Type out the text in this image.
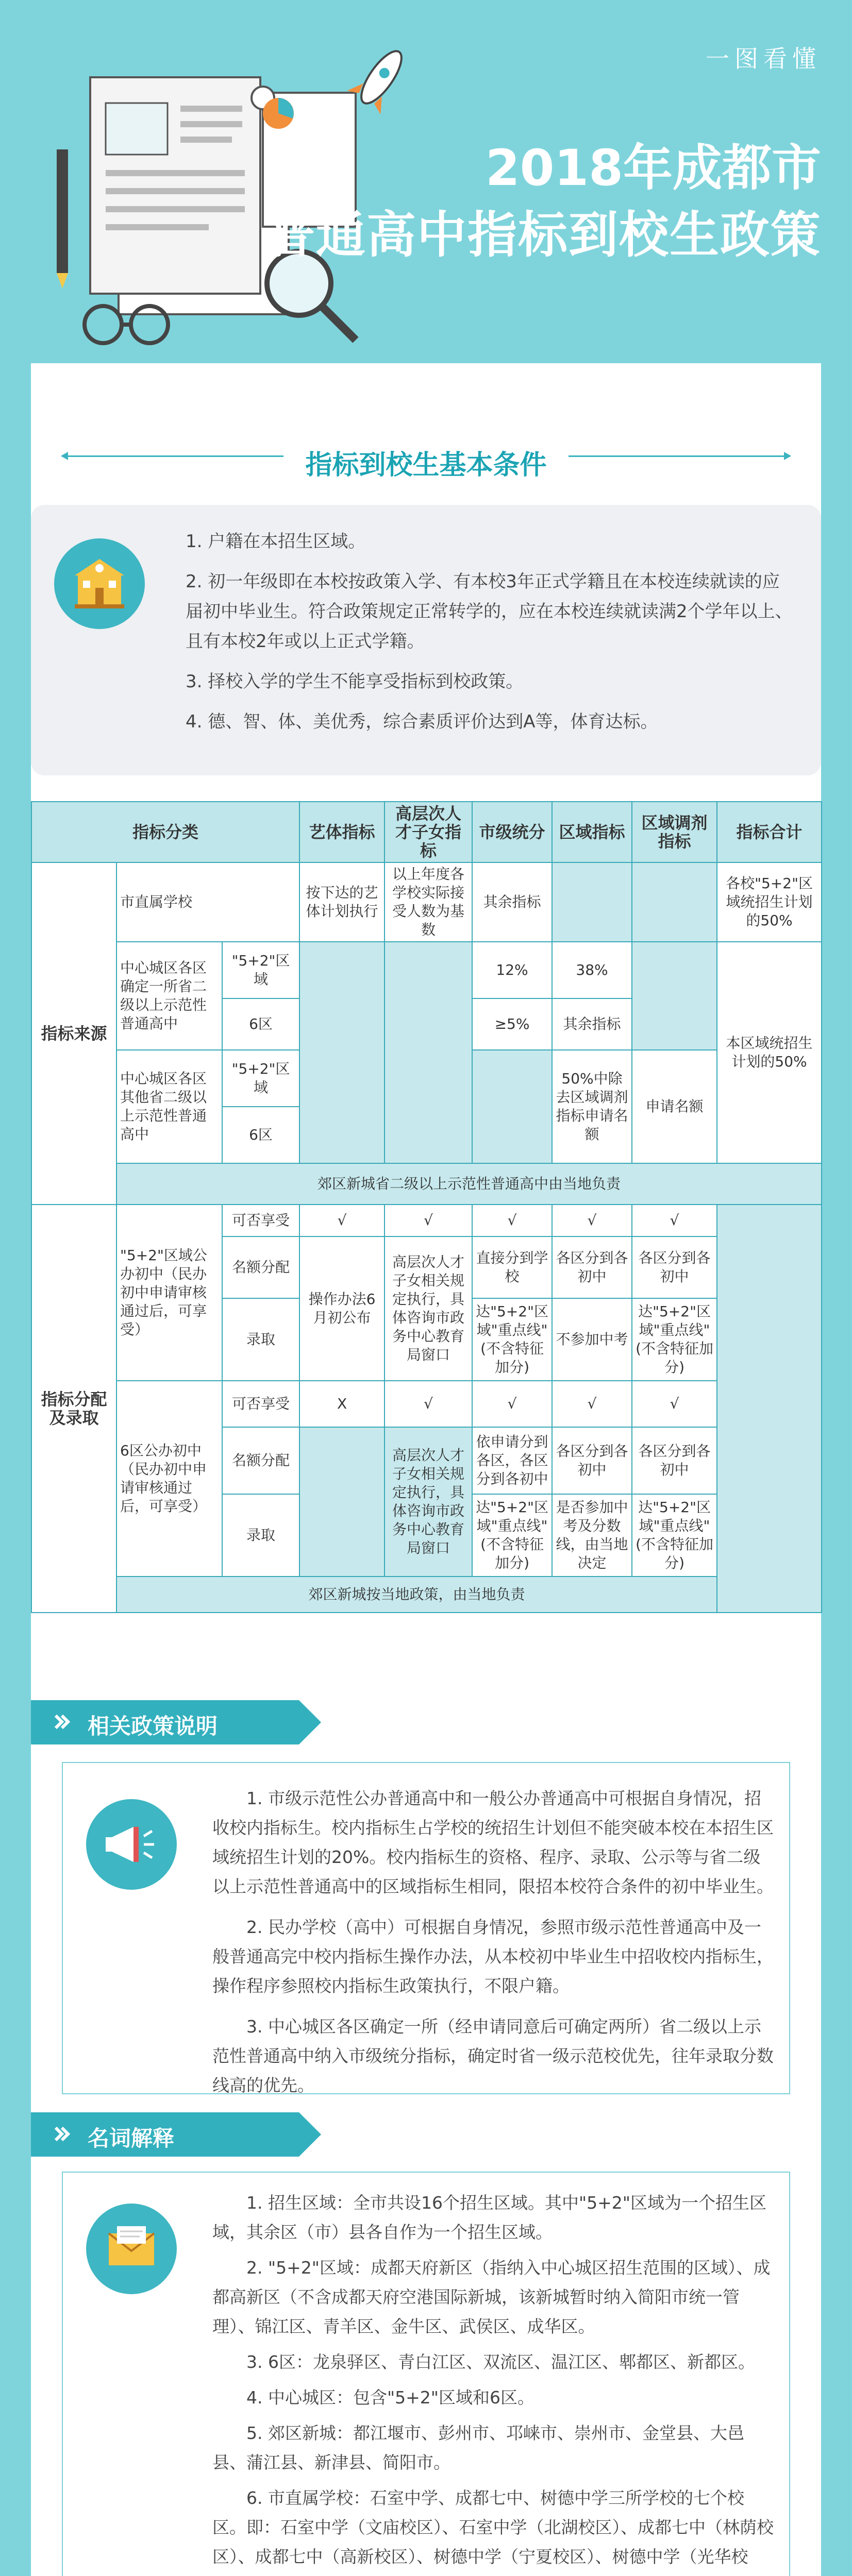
一图看懂
2018年成都市
普通高中指标到校生政策
指标到校生基本条件

1. 户籍在本招生区域。

2. 初一年级即在本校按政策入学、有本校3年正式学籍且在本校连续就读的应届初中毕业生。符合政策规定正常转学的，应在本校连续就读满2个学年以上、且有本校2年或以上正式学籍。

3. 择校入学的学生不能享受指标到校政策。

4. 德、智、体、美优秀，综合素质评价达到A等，体育达标。

指标分类			艺体指标	高层次人才子女指标	市级统分	区域指标	区域调剂指标	指标合计
指标来源	市直属学校		按下达的艺体计划执行	以上年度各学校实际接受人数为基数	其余指标			各校"5+2"区域统招生计划的50%
	中心城区各区确定一所省二级以上示范性普通高中	"5+2"区域			12%	38%		本区域统招生计划的50%
		6区			≥5%	其余指标		
	中心城区各区其他省二级以上示范性普通高中	"5+2"区域				50%中除去区域调剂指标申请名额	申请名额	
		6区						
	郊区新城省二级以上示范性普通高中由当地负责							
指标分配及录取	"5+2"区域公办初中（民办初中申请审核通过后，可享受）	可否享受	√	√	√	√	√	
		名额分配	操作办法6月初公布	高层次人才子女相关规定执行，具体咨询市政务中心教育局窗口	直接分到学校	各区分到各初中	各区分到各初中	
		录取			达"5+2"区域"重点线"(不含特征加分)	不参加中考	达"5+2"区域"重点线"(不含特征加分)	
	6区公办初中（民办初中申请审核通过后，可享受）	可否享受	X	√	√	√	√	
		名额分配		高层次人才子女相关规定执行，具体咨询市政务中心教育局窗口	依申请分到各区，各区分到各初中	各区分到各初中	各区分到各初中	
		录取			达"5+2"区域"重点线"(不含特征加分)	是否参加中考及分数线，由当地决定	达"5+2"区域"重点线"(不含特征加分)	
	郊区新城按当地政策，由当地负责							
相关政策说明

1. 市级示范性公办普通高中和一般公办普通高中可根据自身情况，招收校内指标生。校内指标生占学校的统招生计划但不能突破本校在本招生区域统招生计划的20%。校内指标生的资格、程序、录取、公示等与省二级以上示范性普通高中的区域指标生相同，限招本校符合条件的初中毕业生。

2. 民办学校（高中）可根据自身情况，参照市级示范性普通高中及一般普通高完中校内指标生操作办法，从本校初中毕业生中招收校内指标生，操作程序参照校内指标生政策执行，不限户籍。

3. 中心城区各区确定一所（经申请同意后可确定两所）省二级以上示范性普通高中纳入市级统分指标，确定时省一级示范校优先，往年录取分数线高的优先。

名词解释

1. 招生区域：全市共设16个招生区域。其中"5+2"区域为一个招生区域，其余区（市）县各自作为一个招生区域。

2. "5+2"区域：成都天府新区（指纳入中心城区招生范围的区域）、成都高新区（不含成都天府空港国际新城，该新城暂时纳入简阳市统一管理）、锦江区、青羊区、金牛区、武侯区、成华区。

3. 6区：龙泉驿区、青白江区、双流区、温江区、郫都区、新都区。

4. 中心城区：包含"5+2"区域和6区。

5. 郊区新城：都江堰市、彭州市、邛崃市、崇州市、金堂县、大邑县、蒲江县、新津县、简阳市。

6. 市直属学校：石室中学、成都七中、树德中学三所学校的七个校区。即：石室中学（文庙校区）、石室中学（北湖校区）、成都七中（林荫校区）、成都七中（高新校区）、树德中学（宁夏校区）、树德中学（光华校
